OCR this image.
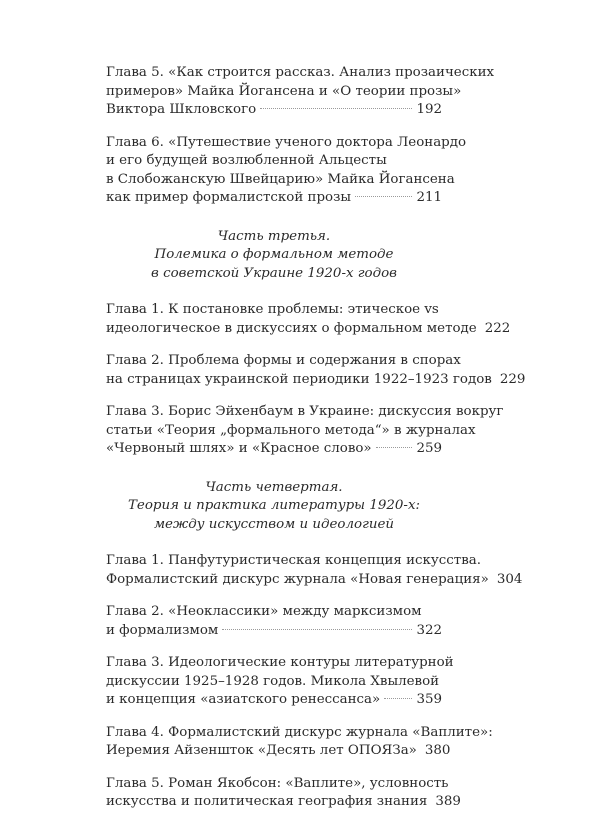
Глава 5. «Как строится рассказ. Анализ прозаических
примеров» Майка Йогансена и «О теории прозы»
Виктора Шкловского	192
Глава 6. «Путешествие ученого доктора Леонардо
и его будущей возлюбленной Альцесты
в Слобожанскую Швейцарию» Майка Йогансена
как пример формалистской прозы	211
Часть третья.
Полемика о формальном методе
в советской Украине 1920-х годов
Глава 1. К постановке проблемы: этическое vs
идеологическое в дискуссиях о формальном методе 222
Глава 2. Проблема формы и содержания в спорах
на страницах украинской периодики 1922–1923 годов 229
Глава 3. Борис Эйхенбаум в Украине: дискуссия вокруг
статьи «Теория „формального метода“» в журналах
«Червоный шлях» и «Красное слово»	259
Часть четвертая.
Теория и практика литературы 1920-х:
между искусством и идеологией
Глава 1. Панфутуристическая концепция искусства.
Формалистский дискурс журнала «Новая генерация» 304
Глава 2. «Неоклассики» между марксизмом
и формализмом	322
Глава 3. Идеологические контуры литературной
дискуссии 1925–1928 годов. Микола Хвылевой
и концепция «азиатского ренессанса»	359
Глава 4. Формалистский дискурс журнала «Ваплите»:
Иеремия Айзеншток «Десять лет ОПОЯЗа» 380
Глава 5. Роман Якобсон: «Ваплите», условность
искусства и политическая география знания 389
